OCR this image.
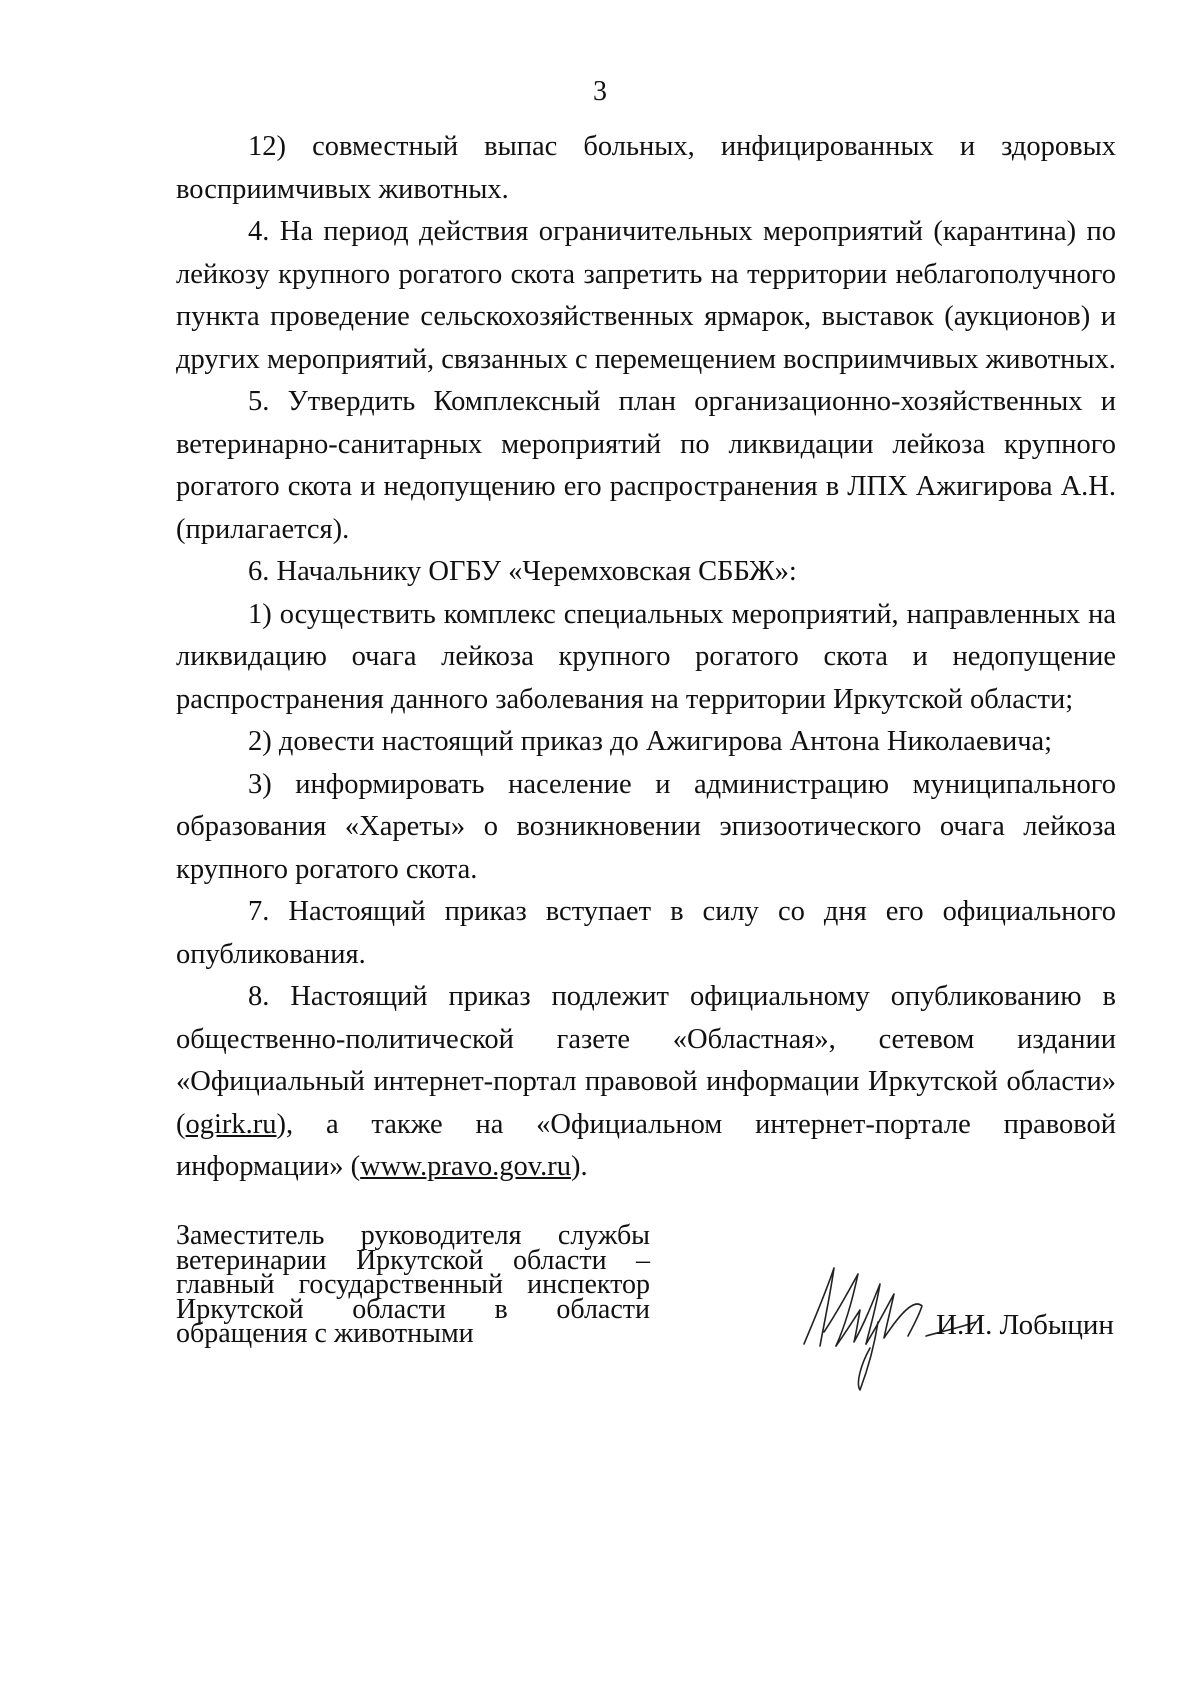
3

12) совместный выпас больных, инфицированных и здоровых восприимчивых животных.

4. На период действия ограничительных мероприятий (карантина) по лейкозу крупного рогатого скота запретить на территории неблагополучного пункта проведение сельскохозяйственных ярмарок, выставок (аукционов) и других мероприятий, связанных с перемещением восприимчивых животных.

5. Утвердить Комплексный план организационно-хозяйственных и ветеринарно-санитарных мероприятий по ликвидации лейкоза крупного рогатого скота и недопущению его распространения в ЛПХ Ажигирова А.Н. (прилагается).

6. Начальнику ОГБУ «Черемховская СББЖ»:

1) осуществить комплекс специальных мероприятий, направленных на ликвидацию очага лейкоза крупного рогатого скота и недопущение распространения данного заболевания на территории Иркутской области;

2) довести настоящий приказ до Ажигирова Антона Николаевича;

3) информировать население и администрацию муниципального образования «Хареты» о возникновении эпизоотического очага лейкоза крупного рогатого скота.

7. Настоящий приказ вступает в силу со дня его официального опубликования.

8. Настоящий приказ подлежит официальному опубликованию в общественно-политической газете «Областная», сетевом издании «Официальный интернет-портал правовой информации Иркутской области» (ogirk.ru), а также на «Официальном интернет-портале правовой информации» (www.pravo.gov.ru).

Заместитель руководителя службы
ветеринарии Иркутской области –
главный государственный инспектор
Иркутской области в области
обращения с животными	И.И. Лобыцин
